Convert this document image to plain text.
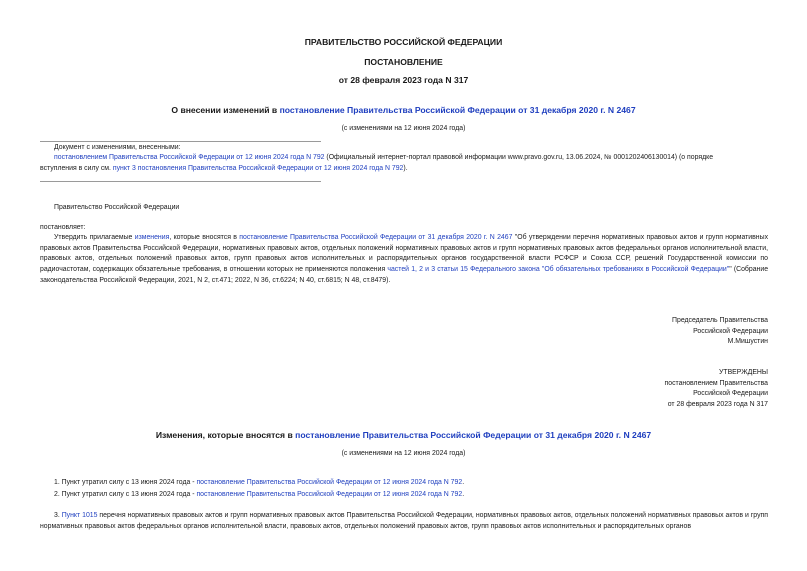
ПРАВИТЕЛЬСТВО РОССИЙСКОЙ ФЕДЕРАЦИИ
ПОСТАНОВЛЕНИЕ
от 28 февраля 2023 года N 317
О внесении изменений в постановление Правительства Российской Федерации от 31 декабря 2020 г. N 2467
(с изменениями на 12 июня 2024 года)
Документ с изменениями, внесенными:
постановлением Правительства Российской Федерации от 12 июня 2024 года N 792 (Официальный интернет-портал правовой информации www.pravo.gov.ru, 13.06.2024, № 0001202406130014) (о порядке
вступления в силу см. пункт 3 постановления Правительства Российской Федерации от 12 июня 2024 года N 792).
Правительство Российской Федерации
постановляет:
Утвердить прилагаемые изменения, которые вносятся в постановление Правительства Российской Федерации от 31 декабря 2020 г. N 2467 "Об утверждении перечня нормативных правовых актов и групп нормативных правовых актов Правительства Российской Федерации, нормативных правовых актов, отдельных положений нормативных правовых актов и групп нормативных правовых актов федеральных органов исполнительной власти, правовых актов, отдельных положений правовых актов, групп правовых актов исполнительных и распорядительных органов государственной власти РСФСР и Союза ССР, решений Государственной комиссии по радиочастотам, содержащих обязательные требования, в отношении которых не применяются положения частей 1, 2 и 3 статьи 15 Федерального закона "Об обязательных требованиях в Российской Федерации"" (Собрание законодательства Российской Федерации, 2021, N 2, ст.471; 2022, N 36, ст.6224; N 40, ст.6815; N 48, ст.8479).
Председатель Правительства
Российской Федерации
М.Мишустин
УТВЕРЖДЕНЫ
постановлением Правительства
Российской Федерации
от 28 февраля 2023 года N 317
Изменения, которые вносятся в постановление Правительства Российской Федерации от 31 декабря 2020 г. N 2467
(с изменениями на 12 июня 2024 года)
1. Пункт утратил силу с 13 июня 2024 года - постановление Правительства Российской Федерации от 12 июня 2024 года N 792.
2. Пункт утратил силу с 13 июня 2024 года - постановление Правительства Российской Федерации от 12 июня 2024 года N 792.
3. Пункт 1015 перечня нормативных правовых актов и групп нормативных правовых актов Правительства Российской Федерации, нормативных правовых актов, отдельных положений нормативных правовых актов и групп нормативных правовых актов федеральных органов исполнительной власти, правовых актов, отдельных положений правовых актов, групп правовых актов исполнительных и распорядительных органов
